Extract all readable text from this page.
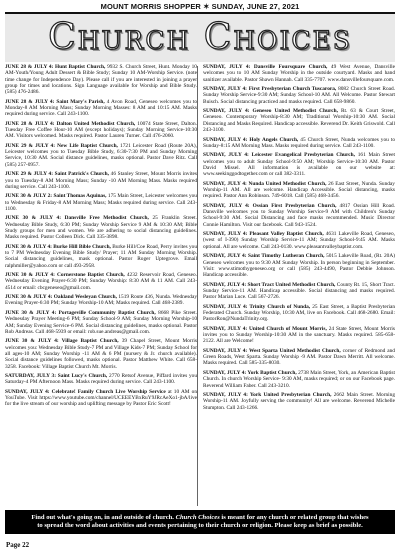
MOUNT MORRIS SHOPPER ✶ SUNDAY, JUNE 27, 2021
Church Choices

JUNE 28 & JULY 4: Hunt Baptist Church, 9932 S. Church Street, Hunt. Monday 10 AM-Youth/Young Adult Dessert & Bible Study; Sunday 10 AM-Worship Service. (note time change for Independence Day). Please call if you are interested in joining a prayer group for times and locations. Sign Language available for Worship and Bible Study. (585) 476-2486.

JUNE 28 & JULY 4: Saint Mary's Parish, 4 Avon Road, Geneseo welcomes you to Monday-8 AM Morning Mass; Sunday Morning Masses: 8 AM and 10:15 AM. Masks required during service. Call 243-1100.

JUNE 28 & JULY 4: Dalton United Methodist Church, 10074 State Street, Dalton. Tuesday Free Coffee Hour-10 AM (except holidays); Sunday Morning Service-10:30 AM. Visitors welcomed. Masks required. Pastor Lauren Turner. Call 476-2060.

JUNE 29 & JULY 4: New Life Baptist Church, 1721 Leicester Road (Route 20A), Leicester welcomes you to Tuesday Bible Study, 6:30-7:30 PM and Sunday Morning Service, 10:30 AM. Social distance guidelines, masks optional. Pastor Dave Ritz. Call (585) 257-0957.

JUNE 29 & JULY 4: Saint Patrick's Church, 46 Stanley Street, Mount Morris invites you to Tuesday-8 AM Morning Mass; Sunday -10 AM Morning Mass. Masks required during service. Call 243-1100.

JUNE 30 & JULY 2: Saint Thomas Aquinas, 175 Main Street, Leicester welcomes you to Wednesday & Friday-8 AM Morning Mass; Masks required during service. Call 243-1100.

JUNE 30 & JULY 4: Dansville Free Methodist Church, 25 Franklin Street. Wednesday Bible Study, 6:30 PM; Sunday Worship Service 9 AM & 10:30 AM; Bible Study groups for men and women. We are adhering to social distancing guidelines. Masks required. Pastor Colleen Dick. Call 335-3898.

JUNE 30 & JULY 4: Burke Hill Bible Church, Burke Hill/Coe Road, Perry invites you to 7 PM Wednesday Evening Bible Study/ Prayer; 11 AM Sunday Morning Worship. Social distancing guidelines, mask optional. Pastor Roger Uptegrove. Email ralphmiller@yahoo.com or call 493-2958.

JUNE 30 & JULY 4: Cornerstone Baptist Church, 4232 Reservoir Road, Geneseo. Wednesday Evening Prayer-6:30 PM; Sunday Worship: 8:30 AM & 11 AM. Call 243-4514 or email: cbcgeneseo@gmail.com.

JUNE 30 & JULY 4: Oakland Wesleyan Church, 1519 Route 436, Nunda. Wednesday Evening Prayer-6:30 PM; Sunday Worship-10 AM; Masks required. Call 468-2389.

JUNE 30 & JULY 4: Portageville Community Baptist Church, 8668 Pike Street. Wednesday Prayer Meeting-6 PM; Sunday School-9 AM; Sunday Morning Worship-10 AM; Sunday Evening Service-6 PM. Social distancing guidelines, masks optional. Pastor Rob Andreas. Call 468-5939 or email: rob.sue.andreas@gmail.com.

JUNE 30 & JULY 4: Village Baptist Church, 39 Chapel Street, Mount Morris welcomes you: Wednesday Bible Study-7 PM and Village Kids-7 PM; Sunday School for all ages-10 AM; Sunday Worship -11 AM & 6 PM (nursery & Jr. church available). Social distance guidelines followed, masks optional. Pastor Matthew White. Call 658-3258. Facebook: Village Baptist Church Mt. Morris.

SATURDAY, JULY 3: Saint Lucy's Church, 2770 Retsof Avenue, Piffard invites you Saturday-4 PM Afternoon Mass. Masks required during service. Call 243-1100.

SUNDAY, JULY 4: Celebrate! Family Church Live Worship Service at 10 AM on YouTube. Visit https://www.youtube.com/channel/UCEEEYBxRuY9JRcAeXo1-jbA/live for the live stream of our worship and uplifting message by Pastor Eric Scott!

SUNDAY, JULY 4: Dansville Foursquare Church, 49 West Avenue, Dansville welcomes you to 10 AM Sunday Worship in the outside courtyard. Masks and hand sanitizer available. Pastor Shawn Hannah. Call 335-7707. www.dansvillefoursquare.com.

SUNDAY, JULY 4: First Presbyterian Church Tuscarora, 8082 Church Street Road. Sunday Worship Service-9:30 AM; Sunday School-10 AM. All Welcome. Pastor Stewart Buisch. Social distancing practiced and masks required. Call 658-9860.

SUNDAY, JULY 4: Geneseo United Methodist Church, Rt. 63 & Court Street, Geneseo. Contemporary Worship-8:30 AM; Traditional Worship-10:30 AM. Social Distancing and Masks Required. Handicap accessible. Reverend Dr. Keith Griswold. Call 243-3100.

SUNDAY, JULY 4: Holy Angels Church, 45 Church Street, Nunda welcomes you to Sunday-8:15 AM Morning Mass. Masks required during service. Call 243-1100.

SUNDAY, JULY 4: Leicester Evangelical Presbyterian Church, 161 Main Street welcomes you to adult Sunday School-9:50 AM; Worship Service-10:30 AM. Pastor David Missel. All information is available on our website at: www.seekinggodtogether.com or call 382-3311.

SUNDAY, JULY 4: Nunda United Methodist Church, 26 East Street, Nunda. Sunday Worship-11 AM. All are welcome. Handicap Accessible. Social distancing, masks required. Pastor Ann Robinson. 749-6018. Call (585) 468-3456.

SUNDAY, JULY 4: Ossian First Presbyterian Church, 4817 Ossian Hill Road. Dansville welcomes you to Sunday Worship Service-9 AM with Children's Sunday School-9:30 AM. Social Distancing and face masks recommended. Music Director Connie Hamilton. Visit our facebook. Call 943-1524.

SUNDAY, JULY 4: Pleasant Valley Baptist Church, 4631 Lakeville Road, Geneseo, (west of I-390) Sunday Worship Service-11 AM; Sunday School-9:45 AM. Masks optional. All are welcome. Call 243-0130. www.pleasantvalleybaptist.com.

SUNDAY, JULY 4: Saint Timothy Lutheran Church, 5015 Lakeville Road, (Rt. 20A) Geneseo welcomes you to 9:30 AM Sunday Worship. In person beginning in September. Visit: www.stimothygeneseo.org or call (585) 243-4490, Pastor Debbie Johnson. Handicap accessible.

SUNDAY, JULY 4: Short Tract United Methodist Church, County Rt. 15, Short Tract. Sunday Service-11 AM. Handicap accessible. Social distancing and masks required. Pastor Marian Luce. Call 567-2726.

SUNDAY, JULY 4: Trinity Church of Nunda, 25 East Street, a Baptist Presbyterian Federated Church. Sunday Worship, 10:30 AM, live on Facebook. Call 468-2680. Email: PastorRon@NundaTrinity.org.

SUNDAY, JULY 4: United Church of Mount Morris, 24 State Street, Mount Morris invites you to Sunday Worship-10:30 AM in the sanctuary. Masks required. 585-658-2122. All are Welcome!

SUNDAY, JULY 4: West Sparta United Methodist Church, corner of Redmond and Green Roads, West Sparta. Sunday Worship -9 AM. Pastor Dawn Merritt. All welcome. Masks required. Call 585-335-8030.

SUNDAY, JULY 4: York Baptist Church, 2738 Main Street, York, an American Baptist Church. In church Worship Service- 9:30 AM, masks required; or on our Facebook page. Reverend William Faber. Call 243-3210.

SUNDAY, JULY 4: York United Presbyterian Church, 2662 Main Street. Morning Worship-11 AM. Joyfully serving the community! All are welcome. Reverend Michelle Stumpton. Call 243-1266.

Find out what's going on, in and outside of church. Church Choices is meant for any church or related group that wishes
to spread the word about activities and events pertaining to their church or religion. Please keep as brief as possible.
Page 22
